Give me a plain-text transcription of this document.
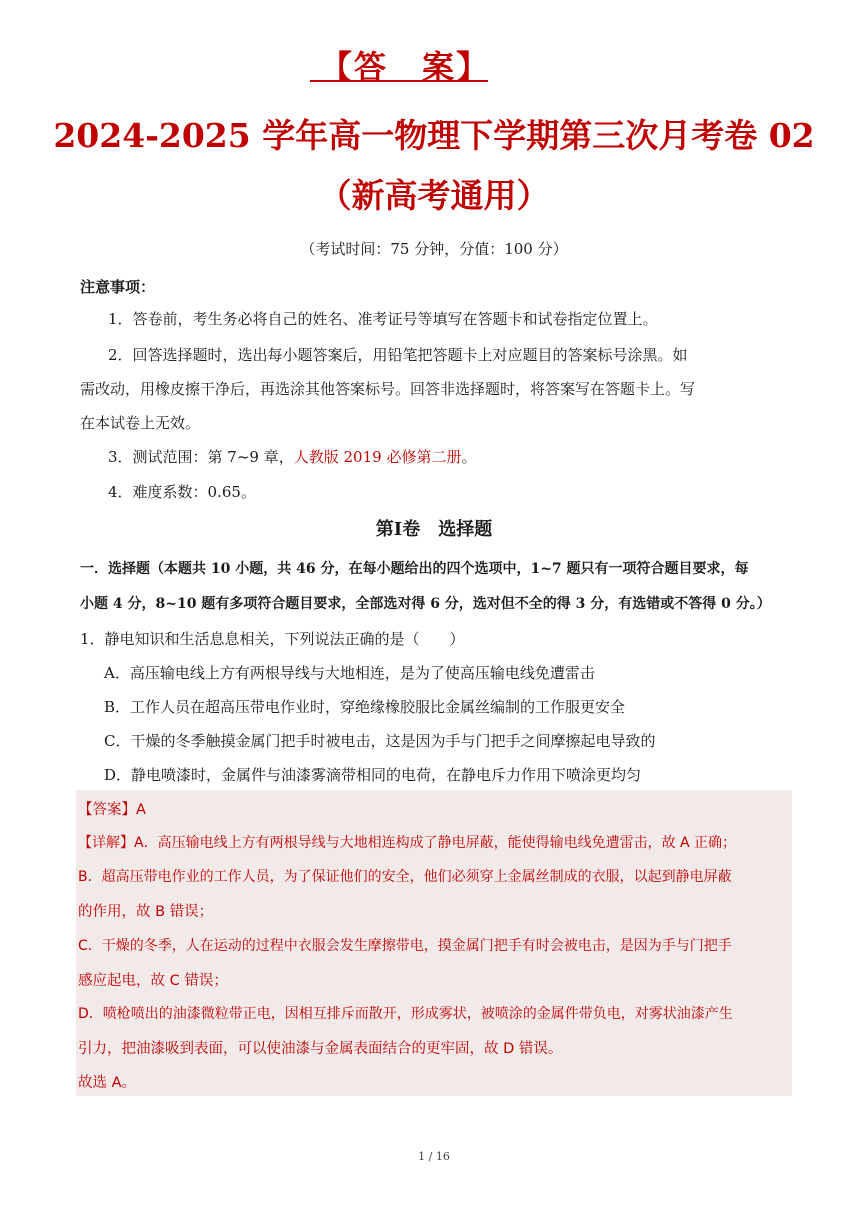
【答　案】
2024-2025 学年高一物理下学期第三次月考卷 02
（新高考通用）
（考试时间：75 分钟，分值：100 分）
注意事项：
1．答卷前，考生务必将自己的姓名、准考证号等填写在答题卡和试卷指定位置上。
2．回答选择题时，选出每小题答案后，用铅笔把答题卡上对应题目的答案标号涂黑。如
需改动，用橡皮擦干净后，再选涂其他答案标号。回答非选择题时，将答案写在答题卡上。写
在本试卷上无效。
3．测试范围：第 7~9 章，人教版 2019 必修第二册。
4．难度系数：0.65。
第Ⅰ卷　选择题
一．选择题（本题共 10 小题，共 46 分，在每小题给出的四个选项中，1~7 题只有一项符合题目要求，每
小题 4 分，8~10 题有多项符合题目要求，全部选对得 6 分，选对但不全的得 3 分，有选错或不答得 0 分。）
1．静电知识和生活息息相关，下列说法正确的是（　　）
A．高压输电线上方有两根导线与大地相连，是为了使高压输电线免遭雷击
B．工作人员在超高压带电作业时，穿绝缘橡胶服比金属丝编制的工作服更安全
C．干燥的冬季触摸金属门把手时被电击，这是因为手与门把手之间摩擦起电导致的
D．静电喷漆时，金属件与油漆雾滴带相同的电荷，在静电斥力作用下喷涂更均匀
【答案】A
【详解】A．高压输电线上方有两根导线与大地相连构成了静电屏蔽，能使得输电线免遭雷击，故 A 正确；
B．超高压带电作业的工作人员，为了保证他们的安全，他们必须穿上金属丝制成的衣服，以起到静电屏蔽
的作用，故 B 错误；
C．干燥的冬季，人在运动的过程中衣服会发生摩擦带电，摸金属门把手有时会被电击，是因为手与门把手
感应起电，故 C 错误；
D．喷枪喷出的油漆微粒带正电，因相互排斥而散开，形成雾状，被喷涂的金属件带负电，对雾状油漆产生
引力，把油漆吸到表面，可以使油漆与金属表面结合的更牢固，故 D 错误。
故选 A。
1 / 16
